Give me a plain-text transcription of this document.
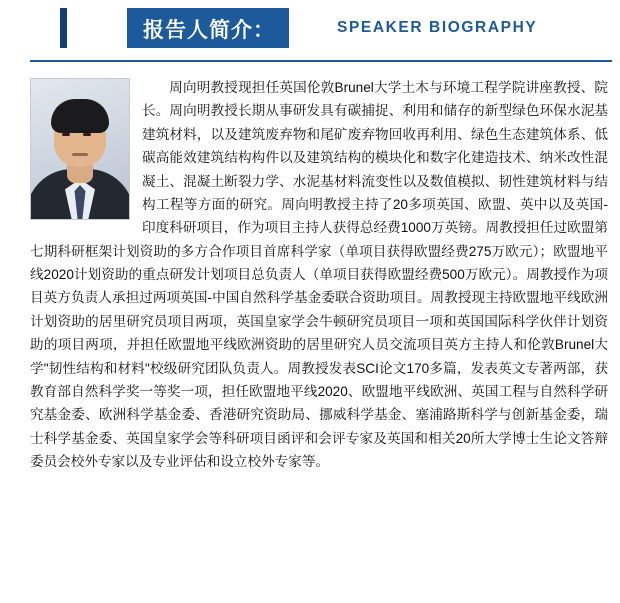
报告人简介：	SPEAKER BIOGRAPHY

周向明教授现担任英国伦敦Brunel大学土木与环境工程学院讲座教授、院长。周向明教授长期从事研发具有碳捕捉、利用和储存的新型绿色环保水泥基建筑材料，以及建筑废弃物和尾矿废弃物回收再利用、绿色生态建筑体系、低碳高能效建筑结构构件以及建筑结构的模块化和数字化建造技术、纳米改性混凝土、混凝土断裂力学、水泥基材料流变性以及数值模拟、韧性建筑材料与结构工程等方面的研究。周向明教授主持了20多项英国、欧盟、英中以及英国-印度科研项目，作为项目主持人获得总经费1000万英镑。周教授担任过欧盟第七期科研框架计划资助的多方合作项目首席科学家（单项目获得欧盟经费275万欧元）；欧盟地平线2020计划资助的重点研发计划项目总负责人（单项目获得欧盟经费500万欧元）。周教授作为项目英方负责人承担过两项英国-中国自然科学基金委联合资助项目。周教授现主持欧盟地平线欧洲计划资助的居里研究员项目两项，英国皇家学会牛顿研究员项目一项和英国国际科学伙伴计划资助的项目两项，并担任欧盟地平线欧洲资助的居里研究人员交流项目英方主持人和伦敦Brunel大学"韧性结构和材料"校级研究团队负责人。周教授发表SCI论文170多篇，发表英文专著两部，获教育部自然科学奖一等奖一项，担任欧盟地平线2020、欧盟地平线欧洲、英国工程与自然科学研究基金委、欧洲科学基金委、香港研究资助局、挪威科学基金、塞浦路斯科学与创新基金委，瑞士科学基金委、英国皇家学会等科研项目函评和会评专家及英国和相关20所大学博士生论文答辩委员会校外专家以及专业评估和设立校外专家等。
